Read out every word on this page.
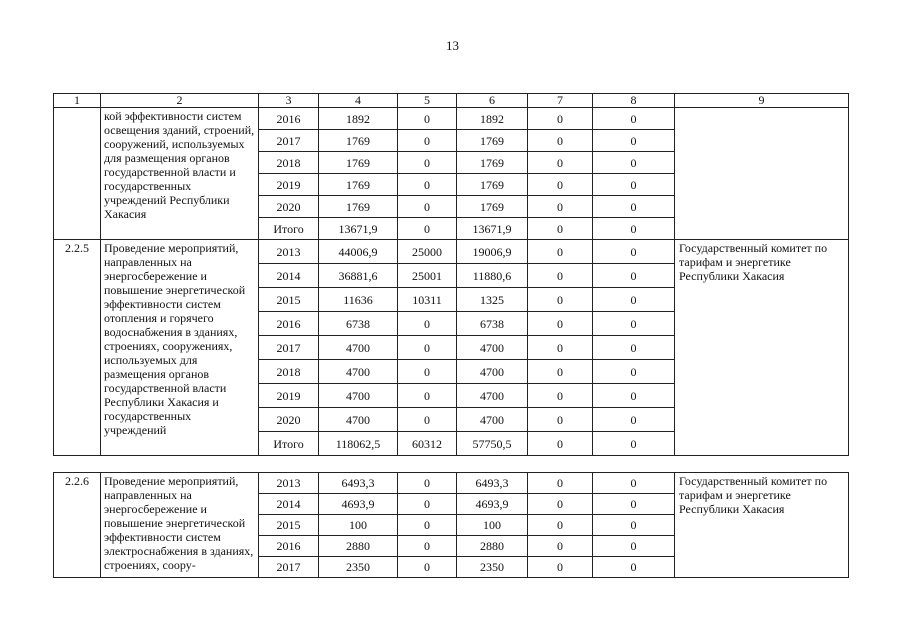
13
1	2	3	4	5	6	7	8	9
	кой эффективности систем освещения зданий, строений, сооружений, используемых для размещения органов государственной власти и государственных учреждений Республики Хакасия	2016	1892	0	1892	0	0	
		2017	1769	0	1769	0	0	
		2018	1769	0	1769	0	0	
		2019	1769	0	1769	0	0	
		2020	1769	0	1769	0	0	
		Итого	13671,9	0	13671,9	0	0	
2.2.5	Проведение мероприятий, направленных на энергосбережение и повышение энергетической эффективности систем отопления и горячего водоснабжения в зданиях, строениях, сооружениях, используемых для размещения органов государственной власти Республики Хакасия и государственных учреждений	2013	44006,9	25000	19006,9	0	0	Государственный комитет по тарифам и энергетике Республики Хакасия
		2014	36881,6	25001	11880,6	0	0	
		2015	11636	10311	1325	0	0	
		2016	6738	0	6738	0	0	
		2017	4700	0	4700	0	0	
		2018	4700	0	4700	0	0	
		2019	4700	0	4700	0	0	
		2020	4700	0	4700	0	0	
		Итого	118062,5	60312	57750,5	0	0	

2.2.6	Проведение мероприятий, направленных на энергосбережение и повышение энергетической эффективности систем электроснабжения в зданиях, строениях, соору-	2013	6493,3	0	6493,3	0	0	Государственный комитет по тарифам и энергетике Республики Хакасия
		2014	4693,9	0	4693,9	0	0	
		2015	100	0	100	0	0	
		2016	2880	0	2880	0	0	
		2017	2350	0	2350	0	0	
